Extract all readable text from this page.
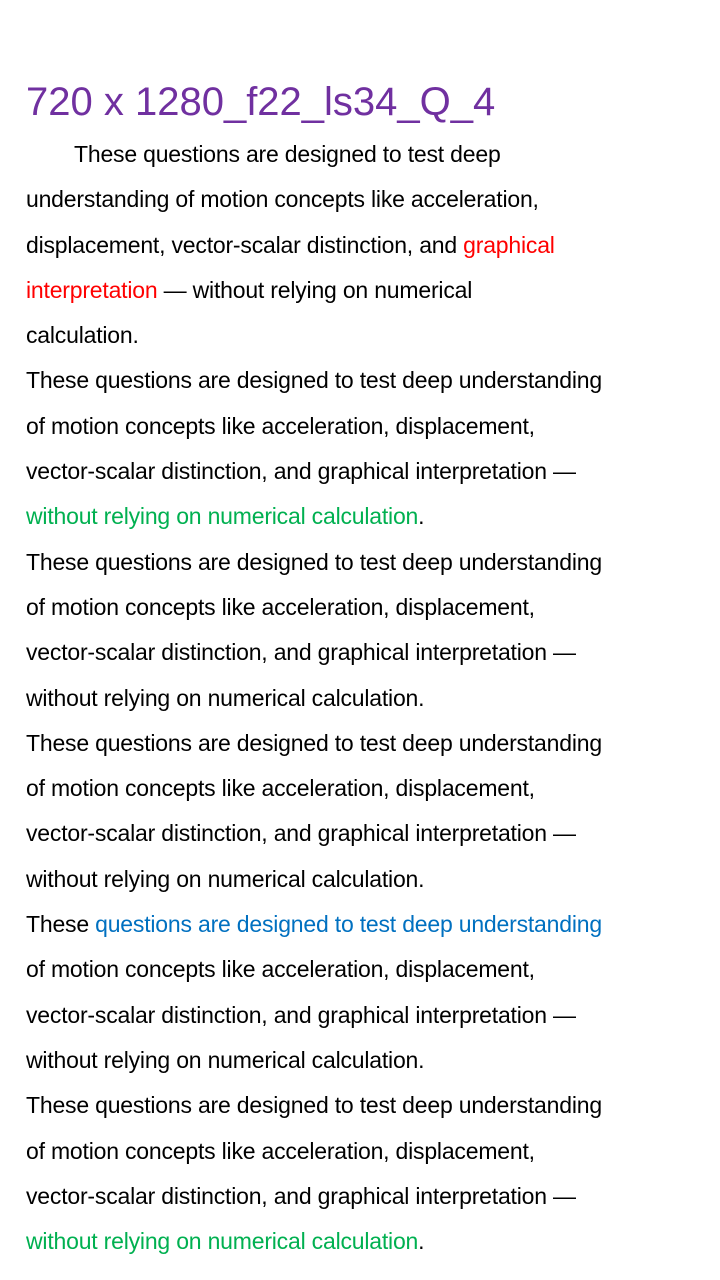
720 x 1280_f22_ls34_Q_4

These questions are designed to test deep
understanding of motion concepts like acceleration,
displacement, vector-scalar distinction, and graphical
interpretation — without relying on numerical
calculation.

These questions are designed to test deep understanding
of motion concepts like acceleration, displacement,
vector-scalar distinction, and graphical interpretation —
without relying on numerical calculation.

These questions are designed to test deep understanding
of motion concepts like acceleration, displacement,
vector-scalar distinction, and graphical interpretation —
without relying on numerical calculation.

These questions are designed to test deep understanding
of motion concepts like acceleration, displacement,
vector-scalar distinction, and graphical interpretation —
without relying on numerical calculation.

These questions are designed to test deep understanding
of motion concepts like acceleration, displacement,
vector-scalar distinction, and graphical interpretation —
without relying on numerical calculation.

These questions are designed to test deep understanding
of motion concepts like acceleration, displacement,
vector-scalar distinction, and graphical interpretation —
without relying on numerical calculation.
